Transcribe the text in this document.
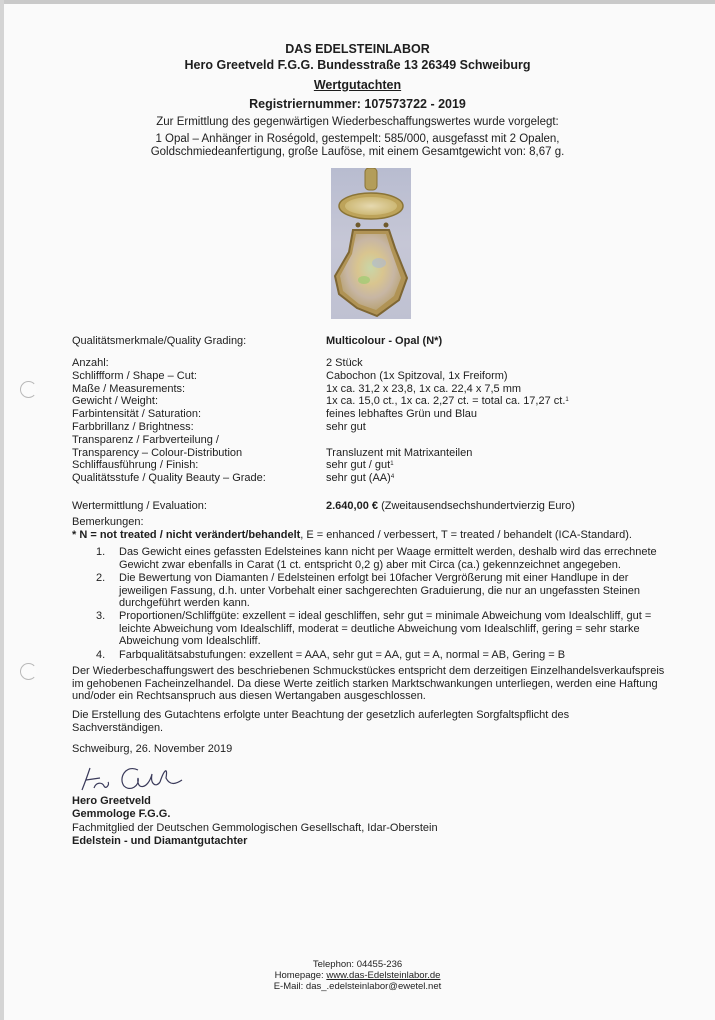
DAS EDELSTEINLABOR
Hero Greetveld F.G.G. Bundesstraße 13 26349 Schweiburg
Wertgutachten
Registriernummer: 107573722 - 2019
Zur Ermittlung des gegenwärtigen Wiederbeschaffungswertes wurde vorgelegt:
1 Opal – Anhänger in Roségold, gestempelt: 585/000, ausgefasst mit 2 Opalen,
Goldschmiedeanfertigung, große Lauföse, mit einem Gesamtgewicht von: 8,67 g.
Qualitätsmerkmale/Quality Grading:	Multicolour - Opal (N*)
Anzahl:	2 Stück
Schliffform / Shape – Cut:	Cabochon (1x Spitzoval, 1x Freiform)
Maße / Measurements:	1x ca. 31,2 x 23,8, 1x ca. 22,4 x 7,5 mm
Gewicht / Weight:	1x ca. 15,0 ct., 1x ca. 2,27 ct. = total ca. 17,27 ct.$^1$
Farbintensität / Saturation:	feines lebhaftes Grün und Blau
Farbbrillanz / Brightness:	sehr gut
Transparenz / Farbverteilung /
Transparency – Colour-Distribution	Transluzent mit Matrixanteilen
Schliffausführung / Finish:	sehr gut / gut$^1$
Qualitätsstufe / Quality Beauty – Grade:	sehr gut (AA)$^4$
Wertermittlung / Evaluation:	2.640,00 € (Zweitausendsechshundertvierzig Euro)
Bemerkungen:
* N = not treated / nicht verändert/behandelt, E = enhanced / verbessert, T = treated / behandelt (ICA-Standard).
1. Das Gewicht eines gefassten Edelsteines kann nicht per Waage ermittelt werden, deshalb wird das errechnete Gewicht zwar ebenfalls in Carat (1 ct. entspricht 0,2 g) aber mit Circa (ca.) gekennzeichnet angegeben.
2. Die Bewertung von Diamanten / Edelsteinen erfolgt bei 10facher Vergrößerung mit einer Handlupe in der jeweiligen Fassung, d.h. unter Vorbehalt einer sachgerechten Graduierung, die nur an ungefassten Steinen durchgeführt werden kann.
3. Proportionen/Schliffgüte: exzellent = ideal geschliffen, sehr gut = minimale Abweichung vom Idealschliff, gut = leichte Abweichung vom Idealschliff, moderat = deutliche Abweichung vom Idealschliff, gering = sehr starke Abweichung vom Idealschliff.
4. Farbqualitätsabstufungen: exzellent = AAA, sehr gut = AA, gut = A, normal = AB, Gering = B
Der Wiederbeschaffungswert des beschriebenen Schmuckstückes entspricht dem derzeitigen Einzelhandelsverkaufspreis im gehobenen Facheinzelhandel. Da diese Werte zeitlich starken Marktschwankungen unterliegen, werden eine Haftung und/oder ein Rechtsanspruch aus diesen Wertangaben ausgeschlossen.
Die Erstellung des Gutachtens erfolgte unter Beachtung der gesetzlich auferlegten Sorgfaltspflicht des Sachverständigen.
Schweiburg, 26. November 2019
Hero Greetveld
Gemmologe F.G.G.
Fachmitglied der Deutschen Gemmologischen Gesellschaft, Idar-Oberstein
Edelstein - und Diamantgutachter
Telephon: 04455-236
Homepage: www.das-Edelsteinlabor.de
E-Mail: das_.edelsteinlabor@ewetel.net
